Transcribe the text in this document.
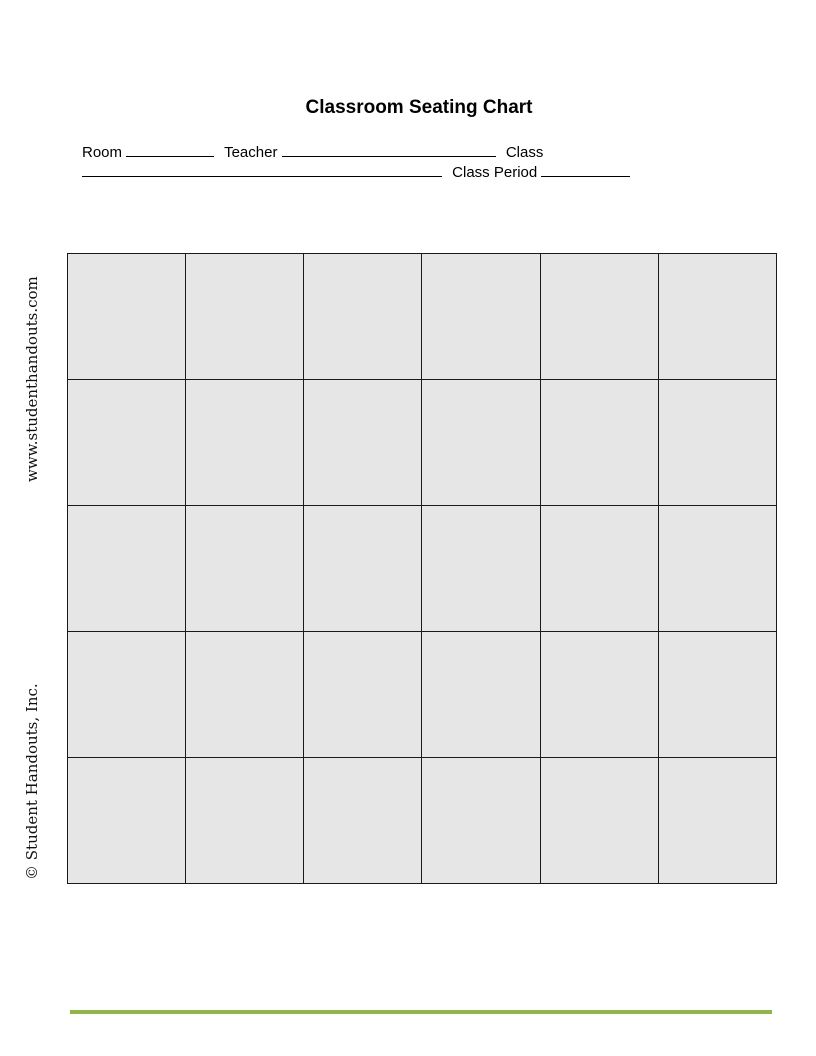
Classroom Seating Chart
Room	Teacher	Class
Class Period
www.studenthandouts.com
© Student Handouts, Inc.
